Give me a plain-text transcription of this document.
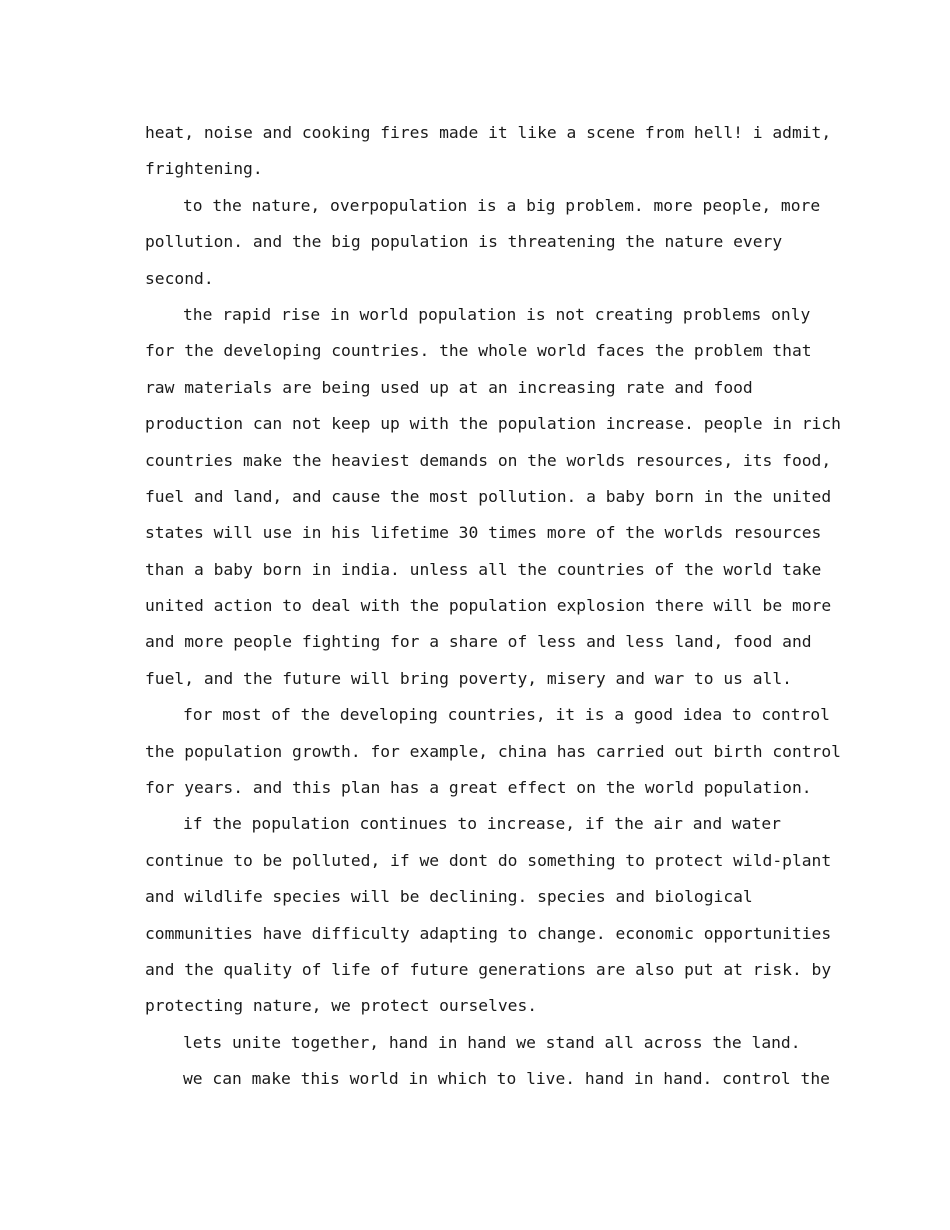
heat, noise and cooking fires made it like a scene from hell! i admit,
frightening.
to the nature, overpopulation is a big problem. more people, more
pollution. and the big population is threatening the nature every
second.
the rapid rise in world population is not creating problems only
for the developing countries. the whole world faces the problem that
raw materials are being used up at an increasing rate and food
production can not keep up with the population increase. people in rich
countries make the heaviest demands on the worlds resources, its food,
fuel and land, and cause the most pollution. a baby born in the united
states will use in his lifetime 30 times more of the worlds resources
than a baby born in india. unless all the countries of the world take
united action to deal with the population explosion there will be more
and more people fighting for a share of less and less land, food and
fuel, and the future will bring poverty, misery and war to us all.
for most of the developing countries, it is a good idea to control
the population growth. for example, china has carried out birth control
for years. and this plan has a great effect on the world population.
if the population continues to increase, if the air and water
continue to be polluted, if we dont do something to protect wild-plant
and wildlife species will be declining. species and biological
communities have difficulty adapting to change. economic opportunities
and the quality of life of future generations are also put at risk. by
protecting nature, we protect ourselves.
lets unite together, hand in hand we stand all across the land.
we can make this world in which to live. hand in hand. control the
